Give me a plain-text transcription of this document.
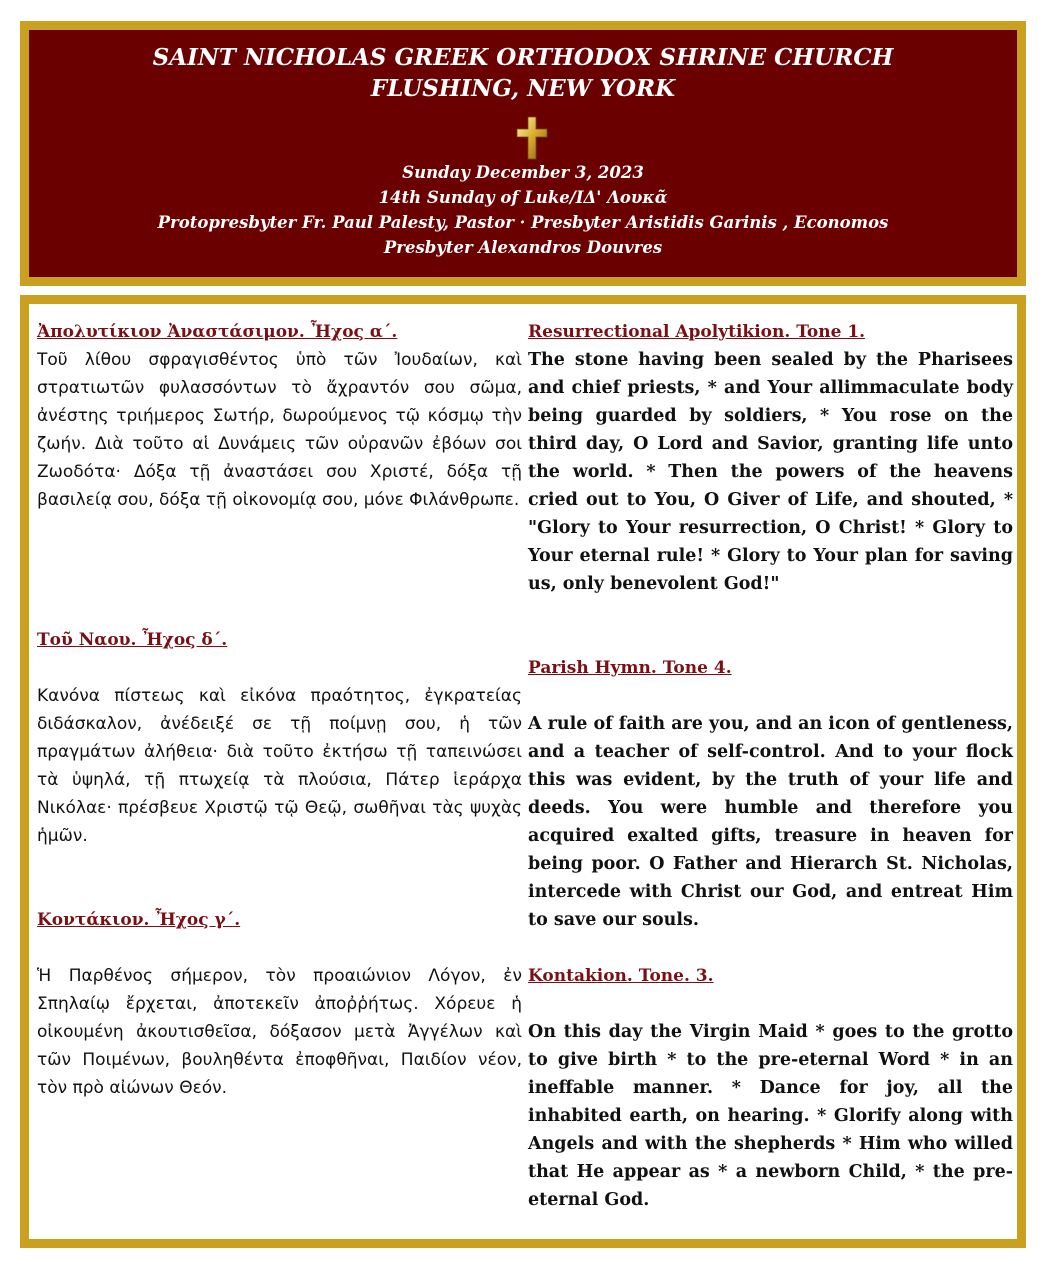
SAINT NICHOLAS GREEK ORTHODOX SHRINE CHURCH
FLUSHING, NEW YORK
Sunday December 3, 2023
14th Sunday of Luke/ΙΔ' Λουκᾶ
Protopresbyter Fr. Paul Palesty, Pastor · Presbyter Aristidis Garinis , Economos
Presbyter Alexandros Douvres

Ἀπολυτίκιον Ἀναστάσιμον. Ἦχος α΄.

Τοῦ λίθου σφραγισθέντος ὑπὸ τῶν Ἰουδαίων, καὶ στρατιωτῶν φυλασσόντων τὸ ἄχραντόν σου σῶμα, ἀνέστης τριήμερος Σωτήρ, δωρούμενος τῷ κόσμῳ τὴν ζωήν. Διὰ τοῦτο αἱ Δυνάμεις τῶν οὐρανῶν ἐβόων σοι Ζωοδότα· Δόξα τῇ ἀναστάσει σου Χριστέ, δόξα τῇ βασιλείᾳ σου, δόξα τῇ οἰκονομίᾳ σου, μόνε Φιλάνθρωπε.

Τοῦ Ναου. Ἦχος δ΄.

Κανόνα πίστεως καὶ εἰκόνα πραότητος, ἐγκρατείας διδάσκαλον, ἀνέδειξέ σε τῇ ποίμνῃ σου, ἡ τῶν πραγμάτων ἀλήθεια· διὰ τοῦτο ἐκτήσω τῇ ταπεινώσει τὰ ὑψηλά, τῇ πτωχείᾳ τὰ πλούσια, Πάτερ ἱεράρχα Νικόλαε· πρέσβευε Χριστῷ τῷ Θεῷ, σωθῆναι τὰς ψυχὰς ἡμῶν.

Κοντάκιον. Ἦχος γ΄.

Ἡ Παρθένος σήμερον, τὸν προαιώνιον Λόγον, ἐν Σπηλαίῳ ἔρχεται, ἀποτεκεῖν ἀποῤῥήτως. Χόρευε ἡ οἰκουμένη ἀκουτισθεῖσα, δόξασον μετὰ Ἀγγέλων καὶ τῶν Ποιμένων, βουληθέντα ἐποφθῆναι, Παιδίον νέον, τὸν πρὸ αἰώνων Θεόν.

Resurrectional Apolytikion. Tone 1.

The stone having been sealed by the Pharisees and chief priests, * and Your allimmaculate body being guarded by soldiers, * You rose on the third day, O Lord and Savior, granting life unto the world. * Then the powers of the heavens cried out to You, O Giver of Life, and shouted, * "Glory to Your resurrection, O Christ! * Glory to Your eternal rule! * Glory to Your plan for saving us, only benevolent God!"

Parish Hymn. Tone 4.

A rule of faith are you, and an icon of gentleness, and a teacher of self-control. And to your flock this was evident, by the truth of your life and deeds. You were humble and therefore you acquired exalted gifts, treasure in heaven for being poor. O Father and Hierarch St. Nicholas, intercede with Christ our God, and entreat Him to save our souls.

Kontakion. Tone. 3.

On this day the Virgin Maid * goes to the grotto to give birth * to the pre-eternal Word * in an ineffable manner. * Dance for joy, all the inhabited earth, on hearing. * Glorify along with Angels and with the shepherds * Him who willed that He appear as * a newborn Child, * the pre-eternal God.
